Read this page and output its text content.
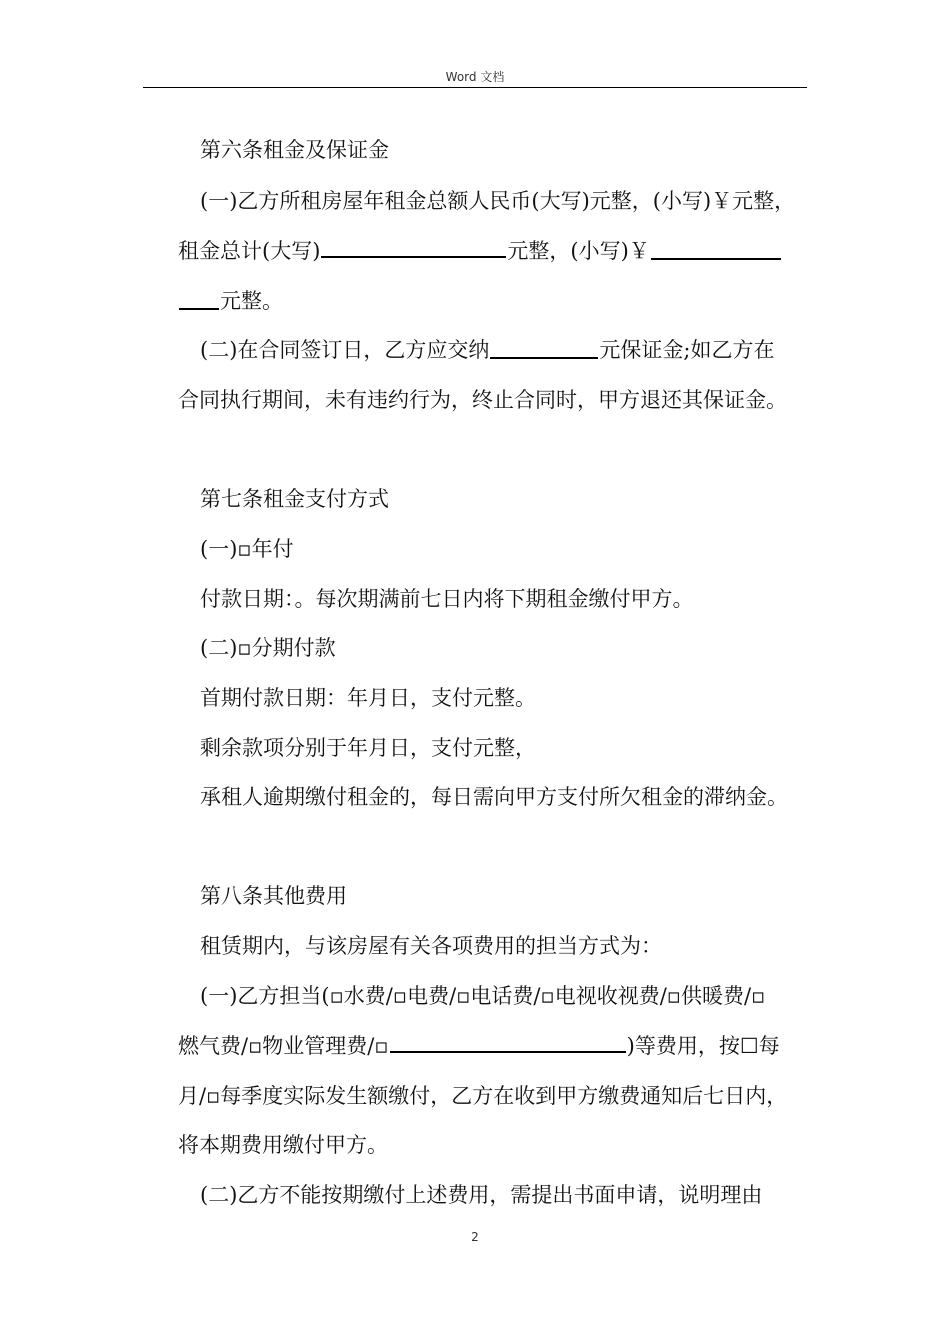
Word 文档
第六条租金及保证金
(一)乙方所租房屋年租金总额人民币(大写)元整，(小写)￥元整，
租金总计(大写)	元整，(小写)￥
元整。
(二)在合同签订日，乙方应交纳	元保证金;如乙方在
合同执行期间，未有违约行为，终止合同时，甲方退还其保证金。
第七条租金支付方式
(一)▫年付
付款日期：。每次期满前七日内将下期租金缴付甲方。
(二)▫分期付款
首期付款日期：年月日，支付元整。
剩余款项分别于年月日，支付元整，
承租人逾期缴付租金的，每日需向甲方支付所欠租金的滞纳金。
第八条其他费用
租赁期内，与该房屋有关各项费用的担当方式为：
(一)乙方担当(▫水费/▫电费/▫电话费/▫电视收视费/▫供暖费/▫
燃气费/▫物业管理费/▫	)等费用，按☐每
月/▫每季度实际发生额缴付，乙方在收到甲方缴费通知后七日内，
将本期费用缴付甲方。
(二)乙方不能按期缴付上述费用，需提出书面申请，说明理由
2
